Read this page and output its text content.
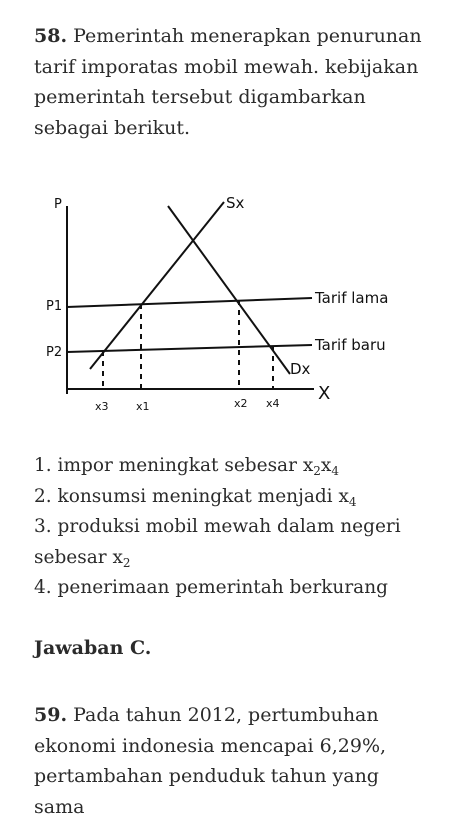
58. Pemerintah menerapkan penurunan tarif imporatas mobil mewah. kebijakan pemerintah tersebut digambarkan sebagai berikut.

P
X
Tarif lama
Tarif baru
P1
P2
Sx
Dx
x3 x1	x2 x4
1. impor meningkat sebesar $x_2x_4$
2. konsumsi meningkat menjadi $x_4$
3. produksi mobil mewah dalam negeri
sebesar $x_2$
4. penerimaan pemerintah berkurang

Jawaban C.

59. Pada tahun 2012, pertumbuhan ekonomi indonesia mencapai 6,29%, pertambahan penduduk tahun yang sama
